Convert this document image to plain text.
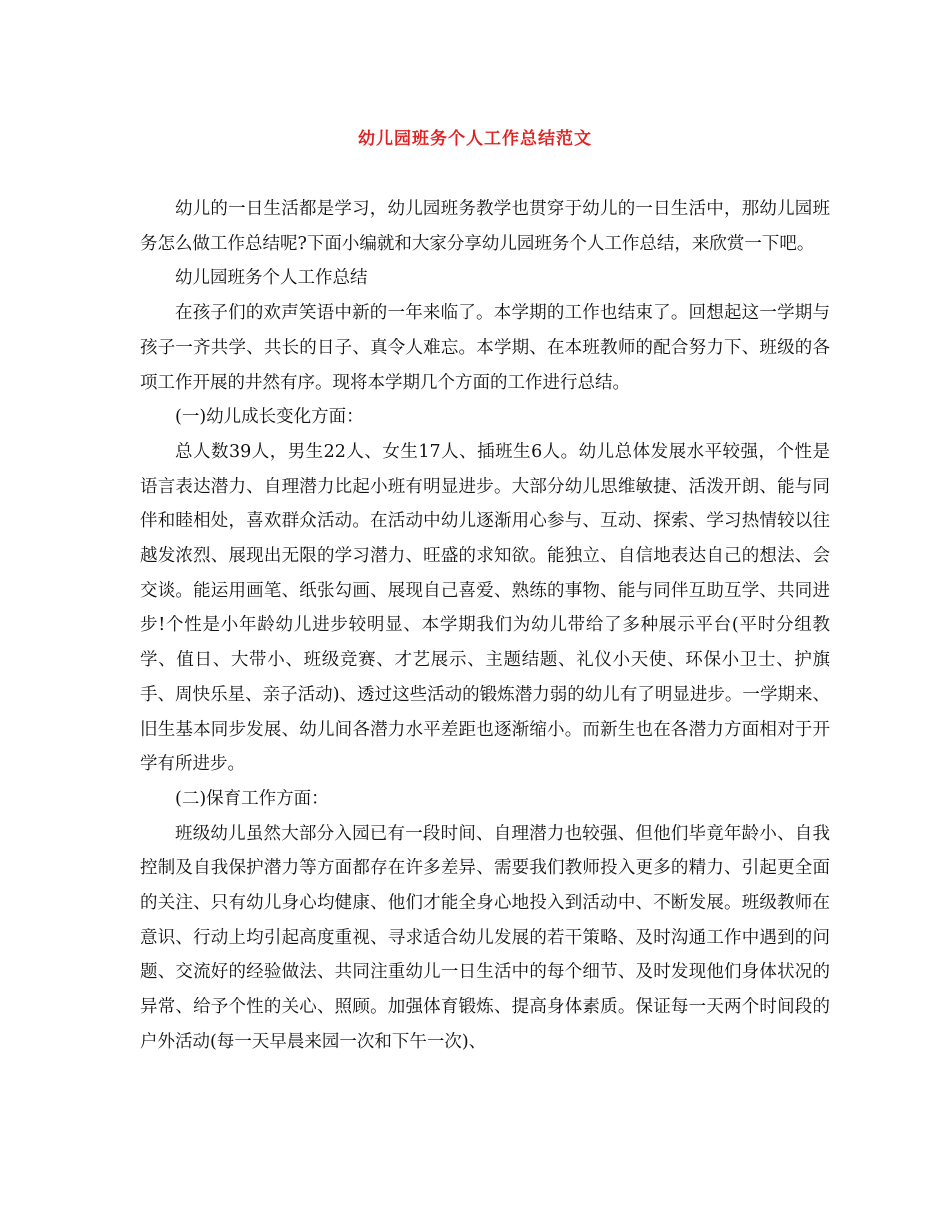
幼儿园班务个人工作总结范文

幼儿的一日生活都是学习，幼儿园班务教学也贯穿于幼儿的一日生活中，那幼儿园班务怎么做工作总结呢?下面小编就和大家分享幼儿园班务个人工作总结，来欣赏一下吧。

幼儿园班务个人工作总结

在孩子们的欢声笑语中新的一年来临了。本学期的工作也结束了。回想起这一学期与孩子一齐共学、共长的日子、真令人难忘。本学期、在本班教师的配合努力下、班级的各项工作开展的井然有序。现将本学期几个方面的工作进行总结。

(一)幼儿成长变化方面：

总人数39人，男生22人、女生17人、插班生6人。幼儿总体发展水平较强，个性是语言表达潜力、自理潜力比起小班有明显进步。大部分幼儿思维敏捷、活泼开朗、能与同伴和睦相处，喜欢群众活动。在活动中幼儿逐渐用心参与、互动、探索、学习热情较以往越发浓烈、展现出无限的学习潜力、旺盛的求知欲。能独立、自信地表达自己的想法、会交谈。能运用画笔、纸张勾画、展现自己喜爱、熟练的事物、能与同伴互助互学、共同进步!个性是小年龄幼儿进步较明显、本学期我们为幼儿带给了多种展示平台(平时分组教学、值日、大带小、班级竞赛、才艺展示、主题结题、礼仪小天使、环保小卫士、护旗手、周快乐星、亲子活动)、透过这些活动的锻炼潜力弱的幼儿有了明显进步。一学期来、旧生基本同步发展、幼儿间各潜力水平差距也逐渐缩小。而新生也在各潜力方面相对于开学有所进步。

(二)保育工作方面：

班级幼儿虽然大部分入园已有一段时间、自理潜力也较强、但他们毕竟年龄小、自我控制及自我保护潜力等方面都存在许多差异、需要我们教师投入更多的精力、引起更全面的关注、只有幼儿身心均健康、他们才能全身心地投入到活动中、不断发展。班级教师在意识、行动上均引起高度重视、寻求适合幼儿发展的若干策略、及时沟通工作中遇到的问题、交流好的经验做法、共同注重幼儿一日生活中的每个细节、及时发现他们身体状况的异常、给予个性的关心、照顾。加强体育锻炼、提高身体素质。保证每一天两个时间段的户外活动(每一天早晨来园一次和下午一次)、
